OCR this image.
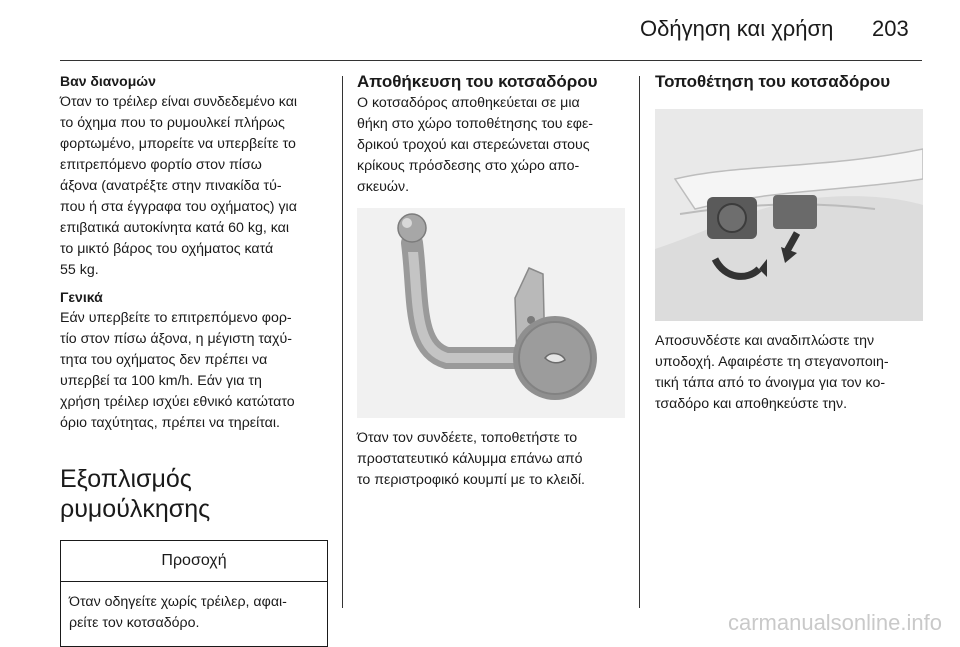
Οδήγηση και χρήση 203
Βαν διανομών
Όταν το τρέιλερ είναι συνδεδεμένο και
το όχημα που το ρυμουλκεί πλήρως
φορτωμένο, μπορείτε να υπερβείτε το
επιτρεπόμενο φορτίο στον πίσω
άξονα (ανατρέξτε στην πινακίδα τύ-
που ή στα έγγραφα του οχήματος) για
επιβατικά αυτοκίνητα κατά 60 kg, και
το μικτό βάρος του οχήματος κατά
55 kg.
Γενικά
Εάν υπερβείτε το επιτρεπόμενο φορ-
τίο στον πίσω άξονα, η μέγιστη ταχύ-
τητα του οχήματος δεν πρέπει να
υπερβεί τα 100 km/h. Εάν για τη
χρήση τρέιλερ ισχύει εθνικό κατώτατο
όριο ταχύτητας, πρέπει να τηρείται.
Εξοπλισμός ρυμούλκησης
Προσοχή
Όταν οδηγείτε χωρίς τρέιλερ, αφαι-
ρείτε τον κοτσαδόρο.
Αποθήκευση του κοτσαδόρου
Ο κοτσαδόρος αποθηκεύεται σε μια
θήκη στο χώρο τοποθέτησης του εφε-
δρικού τροχού και στερεώνεται στους
κρίκους πρόσδεσης στο χώρο απο-
σκευών.
Όταν τον συνδέετε, τοποθετήστε το
προστατευτικό κάλυμμα επάνω από
το περιστροφικό κουμπί με το κλειδί.
Τοποθέτηση του κοτσαδόρου
Αποσυνδέστε και αναδιπλώστε την
υποδοχή. Αφαιρέστε τη στεγανοποιη-
τική τάπα από το άνοιγμα για τον κο-
τσαδόρο και αποθηκεύστε την.
carmanualsonline.info
